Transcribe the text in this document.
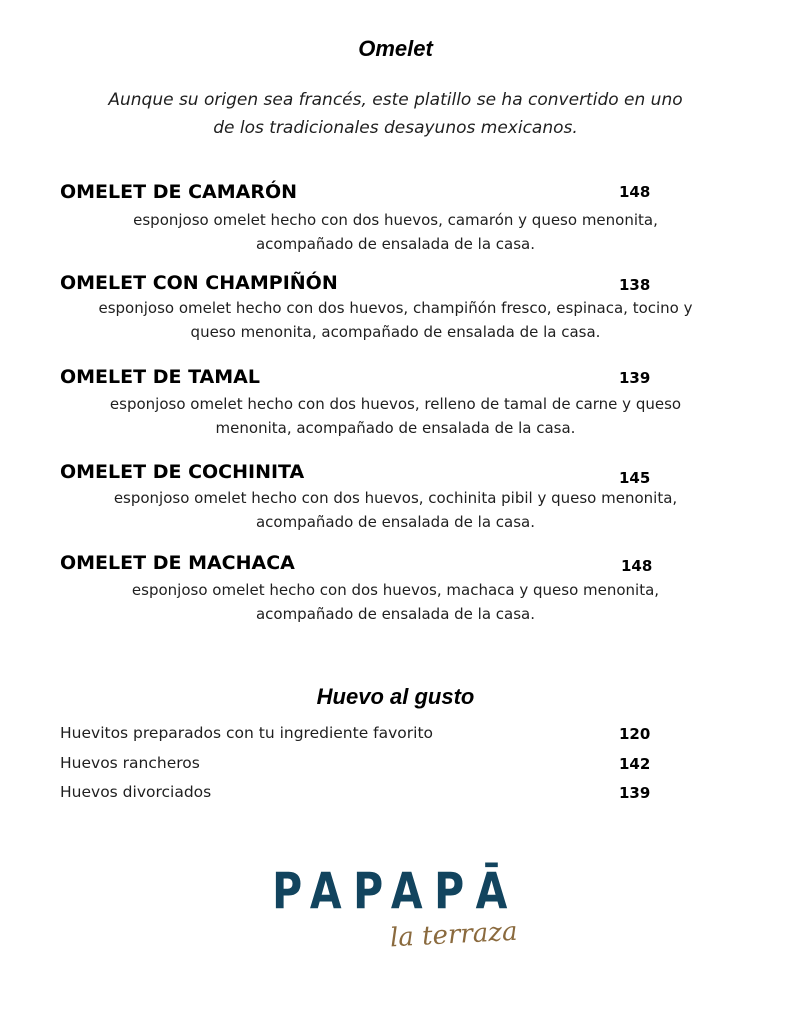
Omelet
Aunque su origen sea francés, este platillo se ha convertido en uno
de los tradicionales desayunos mexicanos.
OMELET DE CAMARÓN	148
esponjoso omelet hecho con dos huevos, camarón y queso menonita,
acompañado de ensalada de la casa.
OMELET CON CHAMPIÑÓN	138
esponjoso omelet hecho con dos huevos, champiñón fresco, espinaca, tocino y
queso menonita, acompañado de ensalada de la casa.
OMELET DE TAMAL	139
esponjoso omelet hecho con dos huevos, relleno de tamal de carne y queso
menonita, acompañado de ensalada de la casa.
OMELET DE COCHINITA	145
esponjoso omelet hecho con dos huevos, cochinita pibil y queso menonita,
acompañado de ensalada de la casa.
OMELET DE MACHACA	148
esponjoso omelet hecho con dos huevos, machaca y queso menonita,
acompañado de ensalada de la casa.
Huevo al gusto
Huevitos preparados con tu ingrediente favorito	120
Huevos rancheros	142
Huevos divorciados	139
PAPAPĀ
la terraza
